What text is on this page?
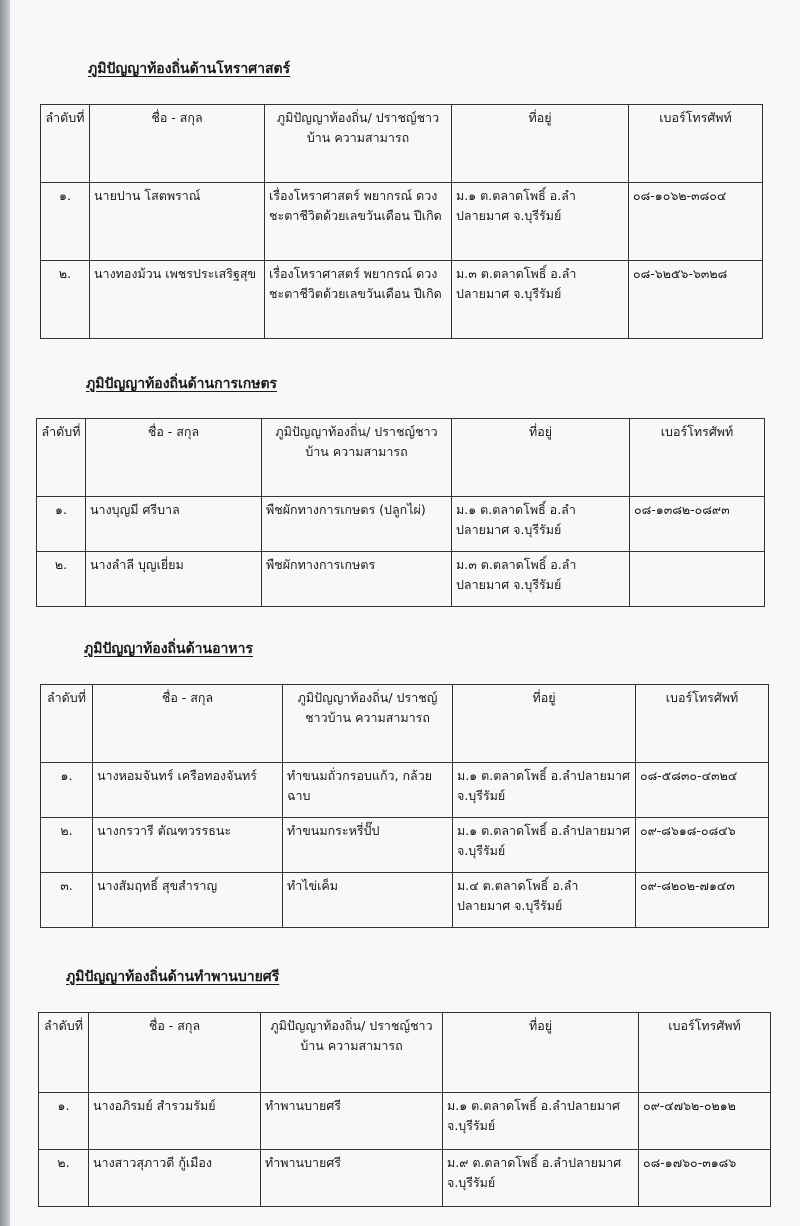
ภูมิปัญญาท้องถิ่นด้านโหราศาสตร์
ลำดับที่	ชื่อ - สกุล	ภูมิปัญญาท้องถิ่น/ ปราชญ์ชาวบ้าน ความสามารถ	ที่อยู่	เบอร์โทรศัพท์
๑.	นายปาน โสตพราณ์	เรื่องโหราศาสตร์ พยากรณ์ ดวงชะตาชีวิตด้วยเลขวันเดือน ปีเกิด	ม.๑ ต.ตลาดโพธิ์ อ.ลำปลายมาศ จ.บุรีรัมย์	๐๘-๑๐๖๒-๓๘๐๔
๒.	นางทองม้วน เพชรประเสริฐสุข	เรื่องโหราศาสตร์ พยากรณ์ ดวงชะตาชีวิตด้วยเลขวันเดือน ปีเกิด	ม.๓ ต.ตลาดโพธิ์ อ.ลำปลายมาศ จ.บุรีรัมย์	๐๘-๖๒๕๖-๖๓๒๘
ภูมิปัญญาท้องถิ่นด้านการเกษตร
ลำดับที่	ชื่อ - สกุล	ภูมิปัญญาท้องถิ่น/ ปราชญ์ชาวบ้าน ความสามารถ	ที่อยู่	เบอร์โทรศัพท์
๑.	นางบุญมี ศรีบาล	พืชผักทางการเกษตร (ปลูกไผ่)	ม.๑ ต.ตลาดโพธิ์ อ.ลำปลายมาศ จ.บุรีรัมย์	๐๘-๑๓๘๒-๐๘๙๓
๒.	นางลำลี บุญเยี่ยม	พืชผักทางการเกษตร	ม.๓ ต.ตลาดโพธิ์ อ.ลำปลายมาศ จ.บุรีรัมย์	
ภูมิปัญญาท้องถิ่นด้านอาหาร
ลำดับที่	ชื่อ - สกุล	ภูมิปัญญาท้องถิ่น/ ปราชญ์ชาวบ้าน ความสามารถ	ที่อยู่	เบอร์โทรศัพท์
๑.	นางหอมจันทร์ เครือทองจันทร์	ทำขนมถั่วกรอบแก้ว, กล้วยฉาบ	ม.๑ ต.ตลาดโพธิ์ อ.ลำปลายมาศ จ.บุรีรัมย์	๐๘-๕๘๓๐-๔๓๒๔
๒.	นางกรวารี ตัณฑวรรธนะ	ทำขนมกระหรี่ปั๊ป	ม.๑ ต.ตลาดโพธิ์ อ.ลำปลายมาศ จ.บุรีรัมย์	๐๙-๘๖๑๘-๐๘๔๖
๓.	นางสัมฤทธิ์ สุขสำราญ	ทำไข่เค็ม	ม.๔ ต.ตลาดโพธิ์ อ.ลำปลายมาศ จ.บุรีรัมย์	๐๙-๘๒๐๒-๗๑๔๓
ภูมิปัญญาท้องถิ่นด้านทำพานบายศรี
ลำดับที่	ชื่อ - สกุล	ภูมิปัญญาท้องถิ่น/ ปราชญ์ชาวบ้าน ความสามารถ	ที่อยู่	เบอร์โทรศัพท์
๑.	นางอภิรมย์ สำรวมรัมย์	ทำพานบายศรี	ม.๑ ต.ตลาดโพธิ์ อ.ลำปลายมาศ จ.บุรีรัมย์	๐๙-๔๗๖๒-๐๒๑๒
๒.	นางสาวสุภาวดี กู้เมือง	ทำพานบายศรี	ม.๙ ต.ตลาดโพธิ์ อ.ลำปลายมาศ จ.บุรีรัมย์	๐๘-๑๗๖๐-๓๑๘๖
